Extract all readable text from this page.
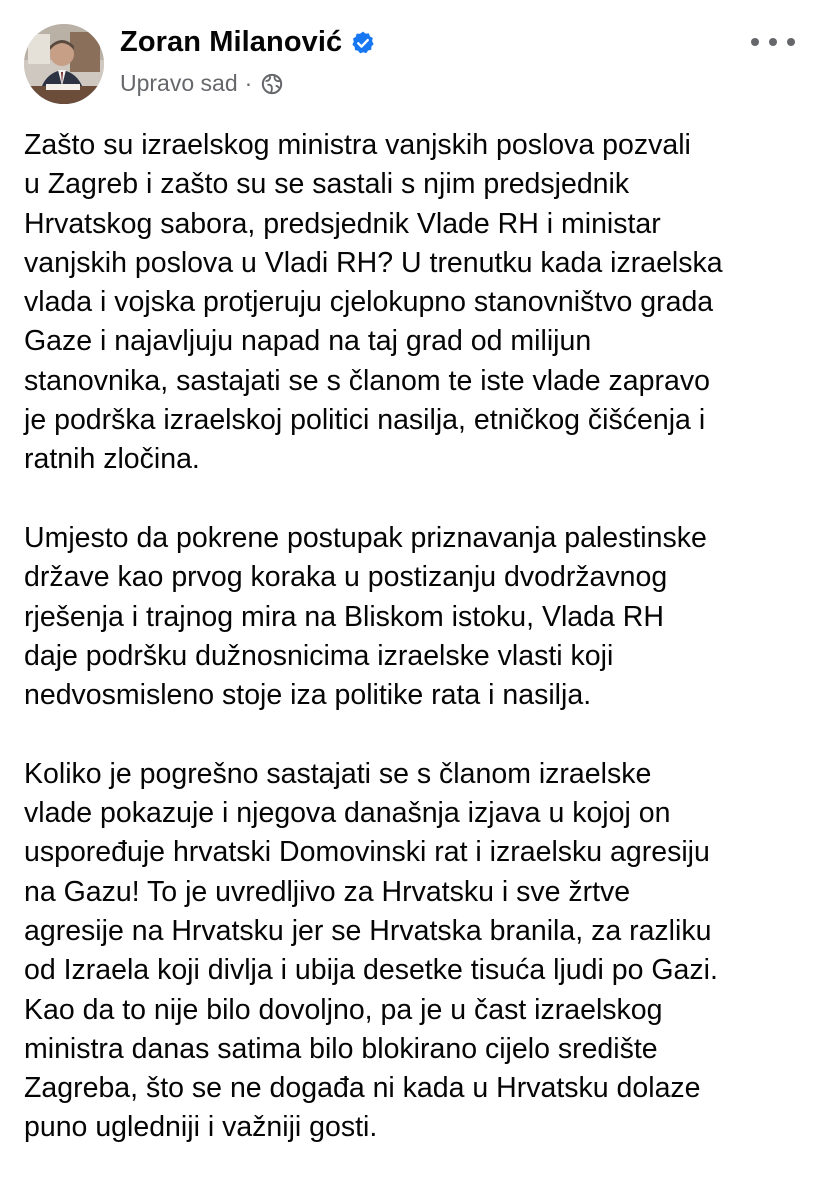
Zoran Milanović
Upravo sad ·
Zašto su izraelskog ministra vanjskih poslova pozvali
u Zagreb i zašto su se sastali s njim predsjednik
Hrvatskog sabora, predsjednik Vlade RH i ministar
vanjskih poslova u Vladi RH? U trenutku kada izraelska
vlada i vojska protjeruju cjelokupno stanovništvo grada
Gaze i najavljuju napad na taj grad od milijun
stanovnika, sastajati se s članom te iste vlade zapravo
je podrška izraelskoj politici nasilja, etničkog čišćenja i
ratnih zločina.
Umjesto da pokrene postupak priznavanja palestinske
države kao prvog koraka u postizanju dvodržavnog
rješenja i trajnog mira na Bliskom istoku, Vlada RH
daje podršku dužnosnicima izraelske vlasti koji
nedvosmisleno stoje iza politike rata i nasilja.
Koliko je pogrešno sastajati se s članom izraelske
vlade pokazuje i njegova današnja izjava u kojoj on
uspoređuje hrvatski Domovinski rat i izraelsku agresiju
na Gazu! To je uvredljivo za Hrvatsku i sve žrtve
agresije na Hrvatsku jer se Hrvatska branila, za razliku
od Izraela koji divlja i ubija desetke tisuća ljudi po Gazi.
Kao da to nije bilo dovoljno, pa je u čast izraelskog
ministra danas satima bilo blokirano cijelo središte
Zagreba, što se ne događa ni kada u Hrvatsku dolaze
puno ugledniji i važniji gosti.
